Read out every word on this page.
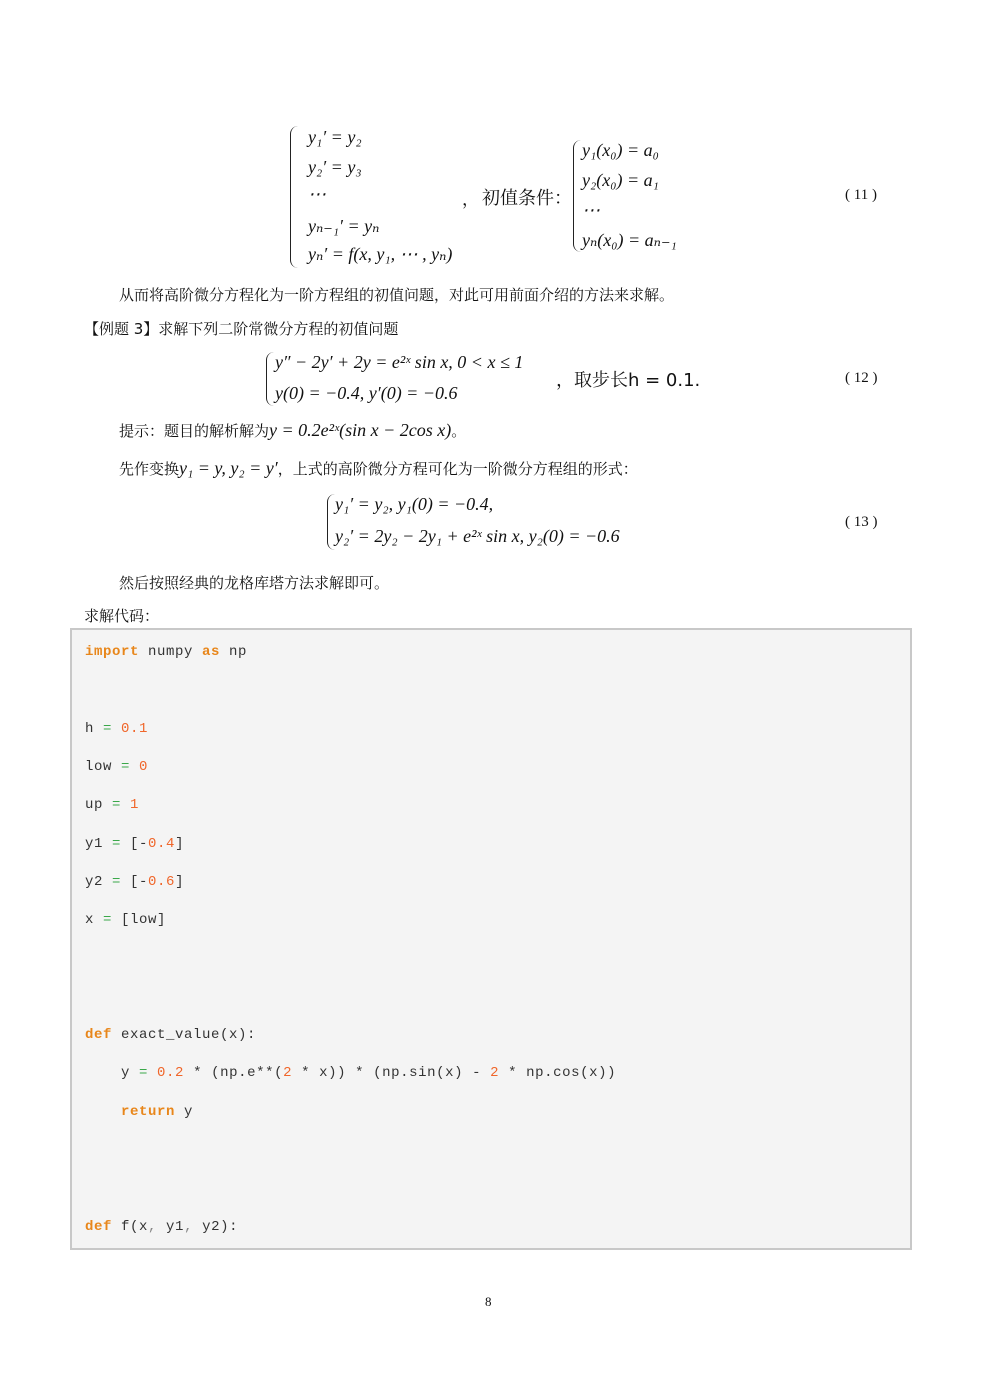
y₁′ = y₂
y₂′ = y₃
⋯
yₙ₋₁′ = yₙ
yₙ′ = f(x, y₁, ⋯ , yₙ)
， 初值条件：
y₁(x₀) = a₀
y₂(x₀) = a₁
⋯
yₙ(x₀) = aₙ₋₁
( 11 )
从而将高阶微分方程化为一阶方程组的初值问题，对此可用前面介绍的方法来求解。
【例题 3】求解下列二阶常微分方程的初值问题
y″ − 2y′ + 2y = e²ˣ sin x, 0 < x ≤ 1
y(0) = −0.4, y′(0) = −0.6
，取步长h = 0.1.	( 12 )
提示：题目的解析解为y = 0.2e²ˣ(sin x − 2cos x)。
先作变换y₁ = y, y₂ = y′，上式的高阶微分方程可化为一阶微分方程组的形式：
y₁′ = y₂, y₁(0) = −0.4,
y₂′ = 2y₂ − 2y₁ + e²ˣ sin x, y₂(0) = −0.6
( 13 )
然后按照经典的龙格库塔方法求解即可。
求解代码：
import numpy as np
h = 0.1
low = 0
up = 1
y1 = [-0.4]
y2 = [-0.6]
x = [low]
def exact_value(x):
y = 0.2 * (np.e**(2 * x)) * (np.sin(x) - 2 * np.cos(x))
return y
def f(x, y1, y2):
8
